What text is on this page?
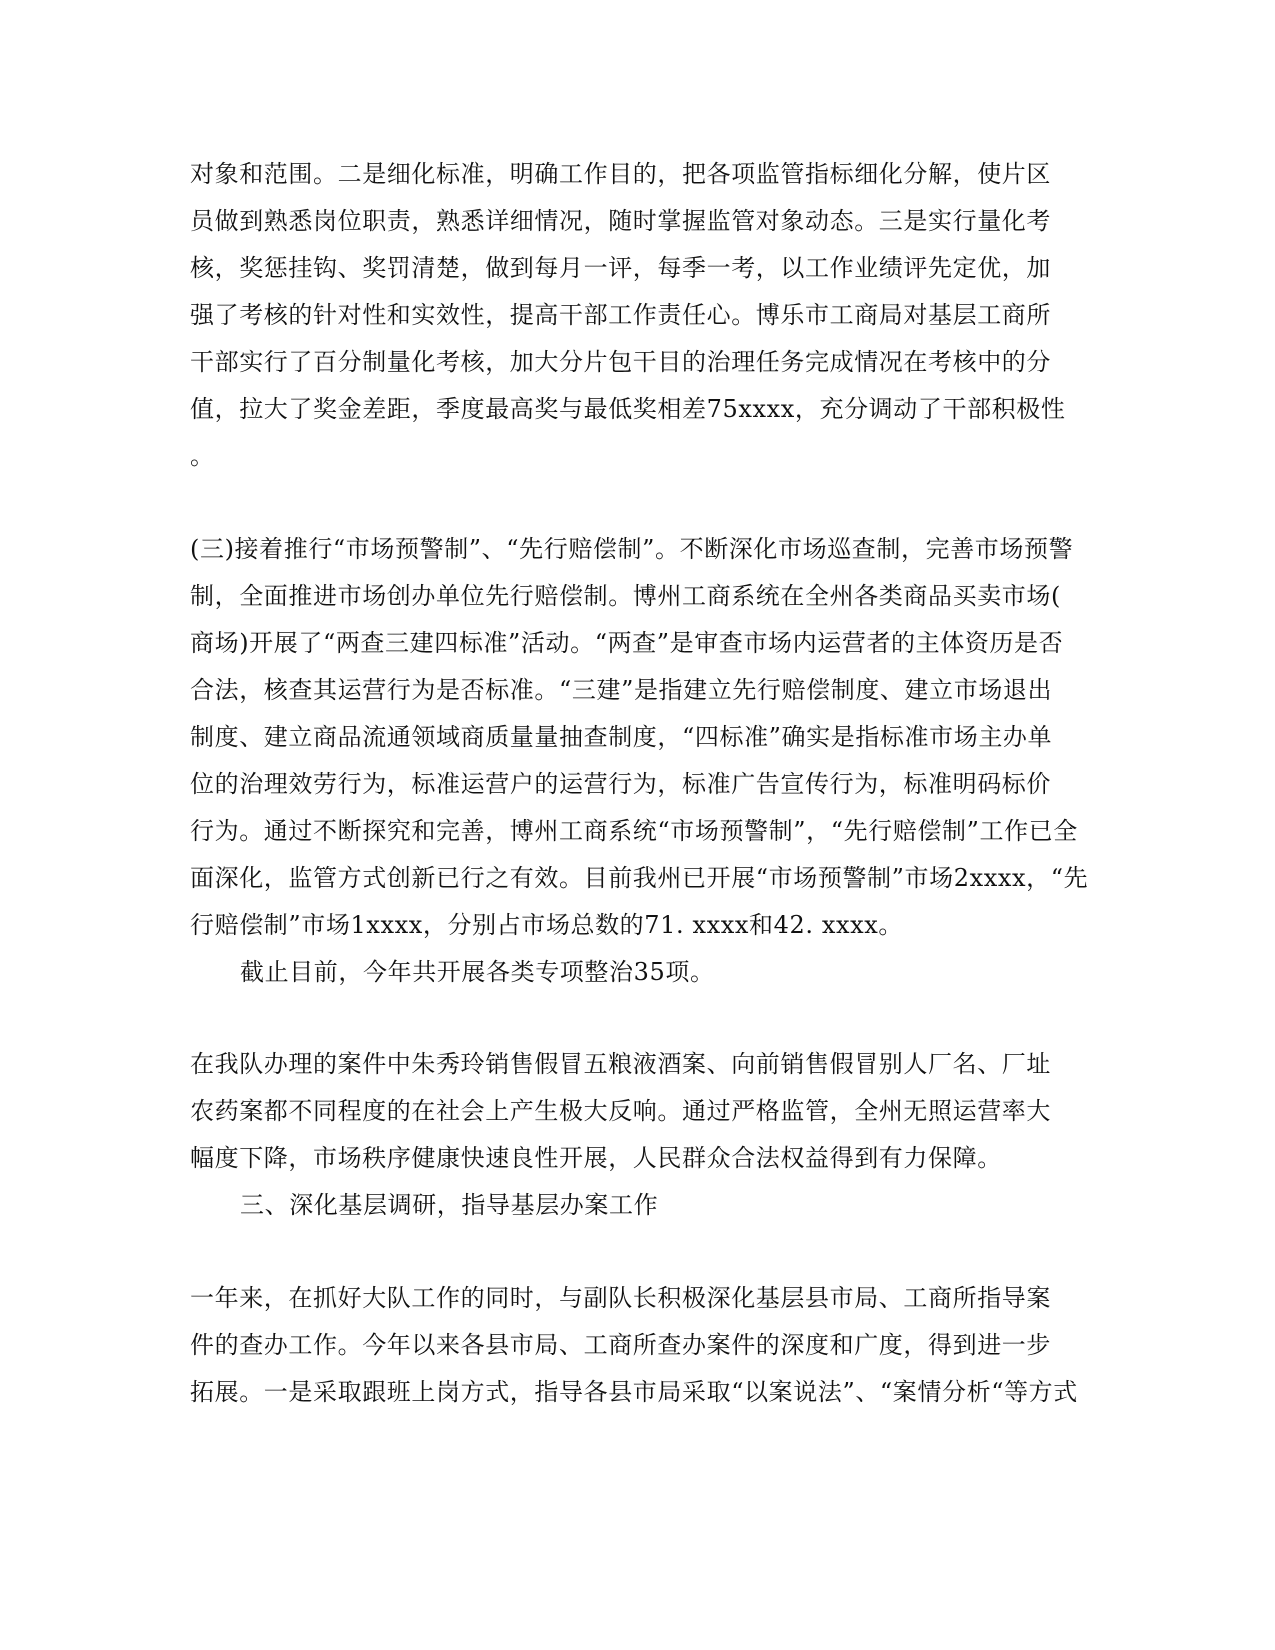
对象和范围。二是细化标准，明确工作目的，把各项监管指标细化分解，使片区
员做到熟悉岗位职责，熟悉详细情况，随时掌握监管对象动态。三是实行量化考
核，奖惩挂钩、奖罚清楚，做到每月一评，每季一考，以工作业绩评先定优，加
强了考核的针对性和实效性，提高干部工作责任心。博乐市工商局对基层工商所
干部实行了百分制量化考核，加大分片包干目的治理任务完成情况在考核中的分
值，拉大了奖金差距，季度最高奖与最低奖相差75xxxx，充分调动了干部积极性
。
(三)接着推行“市场预警制”、“先行赔偿制”。不断深化市场巡查制，完善市场预警
制，全面推进市场创办单位先行赔偿制。博州工商系统在全州各类商品买卖市场(
商场)开展了“两查三建四标准”活动。“两查”是审查市场内运营者的主体资历是否
合法，核查其运营行为是否标准。“三建”是指建立先行赔偿制度、建立市场退出
制度、建立商品流通领域商质量量抽查制度，“四标准”确实是指标准市场主办单
位的治理效劳行为，标准运营户的运营行为，标准广告宣传行为，标准明码标价
行为。通过不断探究和完善，博州工商系统“市场预警制”，“先行赔偿制”工作已全
面深化，监管方式创新已行之有效。目前我州已开展“市场预警制”市场2xxxx，“先
行赔偿制”市场1xxxx，分别占市场总数的71. xxxx和42. xxxx。
截止目前，今年共开展各类专项整治35项。
在我队办理的案件中朱秀玲销售假冒五粮液酒案、向前销售假冒别人厂名、厂址
农药案都不同程度的在社会上产生极大反响。通过严格监管，全州无照运营率大
幅度下降，市场秩序健康快速良性开展，人民群众合法权益得到有力保障。
三、深化基层调研，指导基层办案工作
一年来，在抓好大队工作的同时，与副队长积极深化基层县市局、工商所指导案
件的查办工作。今年以来各县市局、工商所查办案件的深度和广度，得到进一步
拓展。一是采取跟班上岗方式，指导各县市局采取“以案说法”、“案情分析“等方式
